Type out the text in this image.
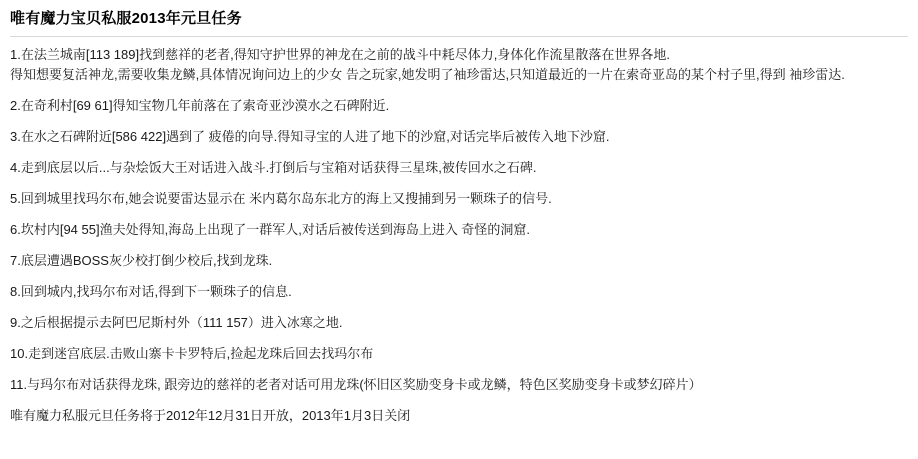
唯有魔力宝贝私服2013年元旦任务
1.在法兰城南[113 189]找到慈祥的老者,得知守护世界的神龙在之前的战斗中耗尽体力,身体化作流星散落在世界各地.
得知想要复活神龙,需要收集龙鳞,具体情况询问边上的少女 告之玩家,她发明了袖珍雷达,只知道最近的一片在索奇亚岛的某个村子里,得到 袖珍雷达.
2.在奇利村[69 61]得知宝物几年前落在了索奇亚沙漠水之石碑附近.
3.在水之石碑附近[586 422]遇到了 疲倦的向导.得知寻宝的人进了地下的沙窟,对话完毕后被传入地下沙窟.
4.走到底层以后...与杂烩饭大王对话进入战斗.打倒后与宝箱对话获得三星珠,被传回水之石碑.
5.回到城里找玛尔布,她会说要雷达显示在 米内葛尔岛东北方的海上又搜捕到另一颗珠子的信号.
6.坎村内[94 55]渔夫处得知,海岛上出现了一群军人,对话后被传送到海岛上进入 奇怪的洞窟.
7.底层遭遇BOSS灰少校打倒少校后,找到龙珠.
8.回到城内,找玛尔布对话,得到下一颗珠子的信息.
9.之后根据提示去阿巴尼斯村外（111 157）进入冰寒之地.
10.走到迷宫底层.击败山寨卡卡罗特后,捡起龙珠后回去找玛尔布
11.与玛尔布对话获得龙珠, 跟旁边的慈祥的老者对话可用龙珠(怀旧区奖励变身卡或龙鳞，特色区奖励变身卡或梦幻碎片）

唯有魔力私服元旦任务将于2012年12月31日开放，2013年1月3日关闭
